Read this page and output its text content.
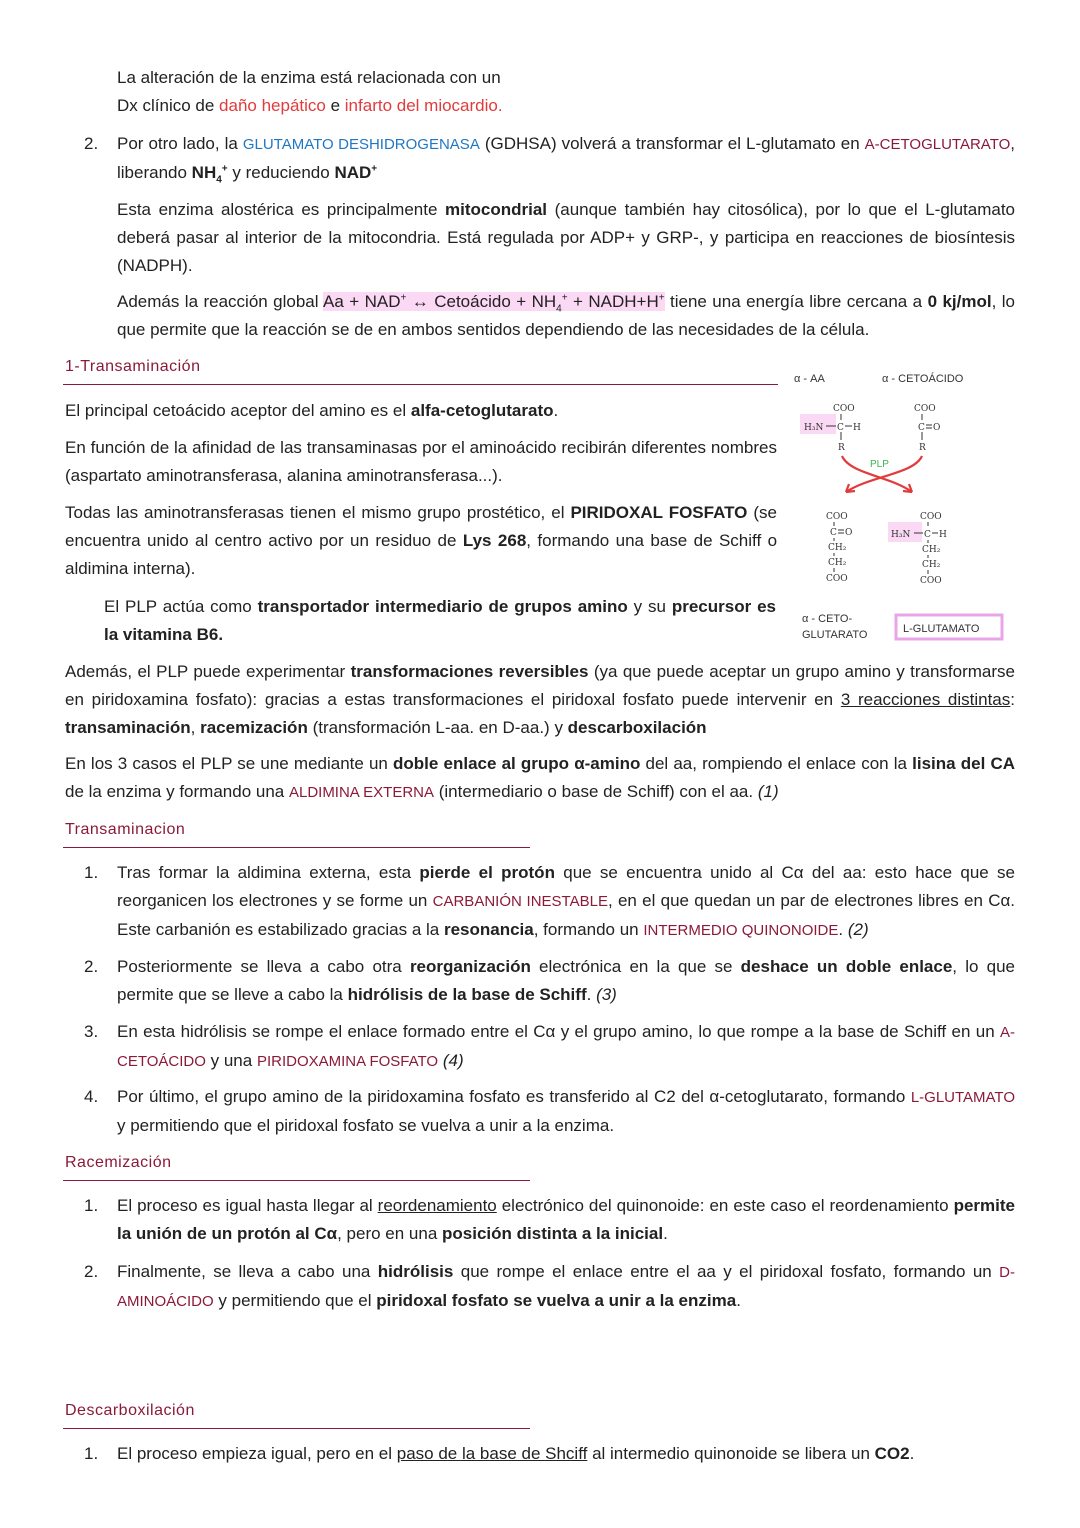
La alteración de la enzima está relacionada con un
Dx clínico de daño hepático e infarto del miocardio.
2. Por otro lado, la GLUTAMATO DESHIDROGENASA (GDHSA) volverá a transformar el L-glutamato en A-CETOGLUTARATO, liberando $NH_4^+$ y reduciendo NAD+
Esta enzima alostérica es principalmente mitocondrial (aunque también hay citosólica), por lo que el L-glutamato deberá pasar al interior de la mitocondria. Está regulada por ADP+ y GRP-, y participa en reacciones de biosíntesis (NADPH).
Además la reacción global Aa + NAD+ ↔ Cetoácido + $NH_4^+$ + NADH+H+ tiene una energía libre cercana a 0 kj/mol, lo que permite que la reacción se de en ambos sentidos dependiendo de las necesidades de la célula.
1-Transaminación
α - AA	α - CETOÁCIDO
COO
H₃N C H
R
COO
C O
R
PLP
COO
C O
CH₂
CH₂
COO
COO
H₃N C H
CH₂
CH₂
COO
α - CETO-
GLUTARATO	L-GLUTAMATO
El principal cetoácido aceptor del amino es el alfa-cetoglutarato.
En función de la afinidad de las transaminasas por el aminoácido recibirán diferentes nombres (aspartato aminotransferasa, alanina aminotransferasa...).
Todas las aminotransferasas tienen el mismo grupo prostético, el PIRIDOXAL FOSFATO (se encuentra unido al centro activo por un residuo de Lys 268, formando una base de Schiff o aldimina interna).
El PLP actúa como transportador intermediario de grupos amino y su precursor es la vitamina B6.
Además, el PLP puede experimentar transformaciones reversibles (ya que puede aceptar un grupo amino y transformarse en piridoxamina fosfato): gracias a estas transformaciones el piridoxal fosfato puede intervenir en 3 reacciones distintas: transaminación, racemización (transformación L-aa. en D-aa.) y descarboxilación
En los 3 casos el PLP se une mediante un doble enlace al grupo α-amino del aa, rompiendo el enlace con la lisina del CA de la enzima y formando una ALDIMINA EXTERNA (intermediario o base de Schiff) con el aa. (1)
Transaminacion
1. Tras formar la aldimina externa, esta pierde el protón que se encuentra unido al Cα del aa: esto hace que se reorganicen los electrones y se forme un CARBANIÓN INESTABLE, en el que quedan un par de electrones libres en Cα. Este carbanión es estabilizado gracias a la resonancia, formando un INTERMEDIO QUINONOIDE. (2)
2. Posteriormente se lleva a cabo otra reorganización electrónica en la que se deshace un doble enlace, lo que permite que se lleve a cabo la hidrólisis de la base de Schiff. (3)
3. En esta hidrólisis se rompe el enlace formado entre el Cα y el grupo amino, lo que rompe a la base de Schiff en un A-CETOÁCIDO y una PIRIDOXAMINA FOSFATO (4)
4. Por último, el grupo amino de la piridoxamina fosfato es transferido al C2 del α-cetoglutarato, formando L-GLUTAMATO y permitiendo que el piridoxal fosfato se vuelva a unir a la enzima.
Racemización
1. El proceso es igual hasta llegar al reordenamiento electrónico del quinonoide: en este caso el reordenamiento permite la unión de un protón al Cα, pero en una posición distinta a la inicial.
2. Finalmente, se lleva a cabo una hidrólisis que rompe el enlace entre el aa y el piridoxal fosfato, formando un D-AMINOÁCIDO y permitiendo que el piridoxal fosfato se vuelva a unir a la enzima.
Descarboxilación
1. El proceso empieza igual, pero en el paso de la base de Shciff al intermedio quinonoide se libera un CO2.
